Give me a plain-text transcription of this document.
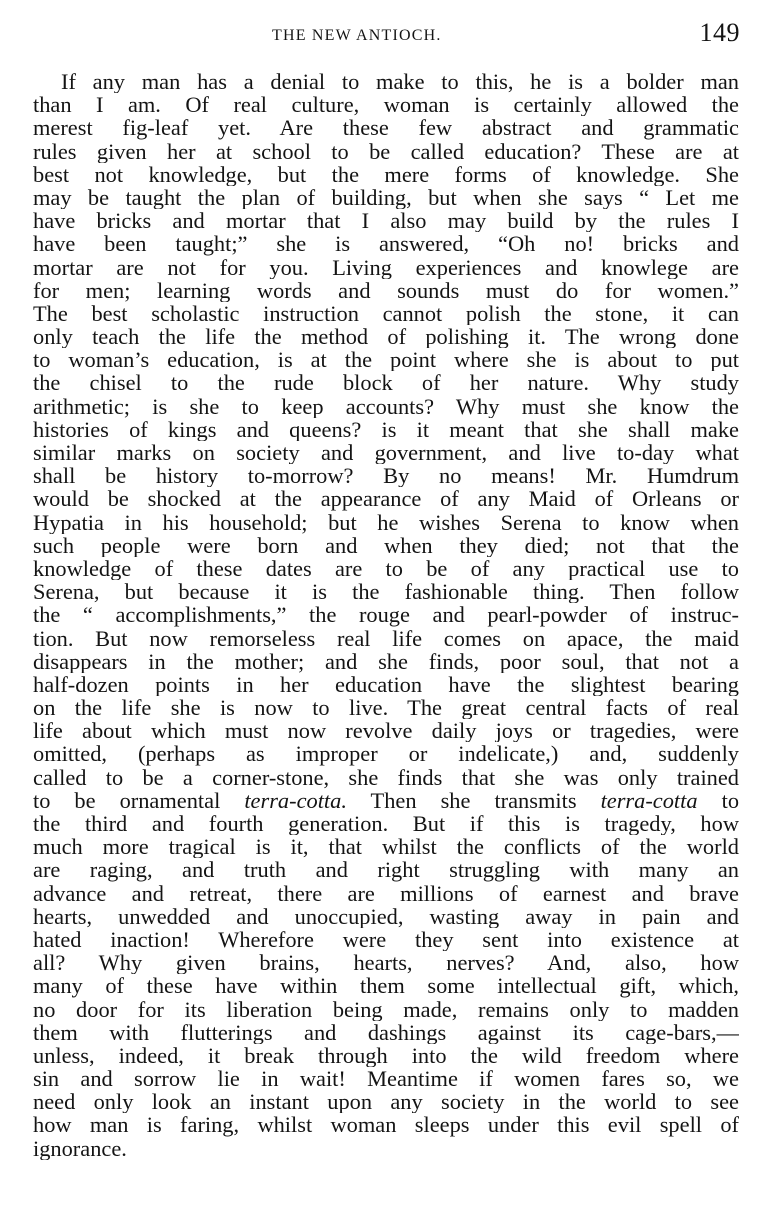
THE NEW ANTIOCH.	149
If any man has a denial to make to this, he is a bolder man
than I am. Of real culture, woman is certainly allowed the
merest fig-leaf yet. Are these few abstract and grammatic
rules given her at school to be called education? These are at
best not knowledge, but the mere forms of knowledge. She
may be taught the plan of building, but when she says “ Let me
have bricks and mortar that I also may build by the rules I
have been taught;” she is answered, “Oh no! bricks and
mortar are not for you. Living experiences and knowlege are
for men; learning words and sounds must do for women.”
The best scholastic instruction cannot polish the stone, it can
only teach the life the method of polishing it. The wrong done
to woman’s education, is at the point where she is about to put
the chisel to the rude block of her nature. Why study
arithmetic; is she to keep accounts? Why must she know the
histories of kings and queens? is it meant that she shall make
similar marks on society and government, and live to-day what
shall be history to-morrow? By no means! Mr. Humdrum
would be shocked at the appearance of any Maid of Orleans or
Hypatia in his household; but he wishes Serena to know when
such people were born and when they died; not that the
knowledge of these dates are to be of any practical use to
Serena, but because it is the fashionable thing. Then follow
the “ accomplishments,” the rouge and pearl-powder of instruc-
tion. But now remorseless real life comes on apace, the maid
disappears in the mother; and she finds, poor soul, that not a
half-dozen points in her education have the slightest bearing
on the life she is now to live. The great central facts of real
life about which must now revolve daily joys or tragedies, were
omitted, (perhaps as improper or indelicate,) and, suddenly
called to be a corner-stone, she finds that she was only trained
to be ornamental terra-cotta. Then she transmits terra-cotta to
the third and fourth generation. But if this is tragedy, how
much more tragical is it, that whilst the conflicts of the world
are raging, and truth and right struggling with many an
advance and retreat, there are millions of earnest and brave
hearts, unwedded and unoccupied, wasting away in pain and
hated inaction! Wherefore were they sent into existence at
all? Why given brains, hearts, nerves? And, also, how
many of these have within them some intellectual gift, which,
no door for its liberation being made, remains only to madden
them with flutterings and dashings against its cage-bars,—
unless, indeed, it break through into the wild freedom where
sin and sorrow lie in wait! Meantime if women fares so, we
need only look an instant upon any society in the world to see
how man is faring, whilst woman sleeps under this evil spell of
ignorance.
